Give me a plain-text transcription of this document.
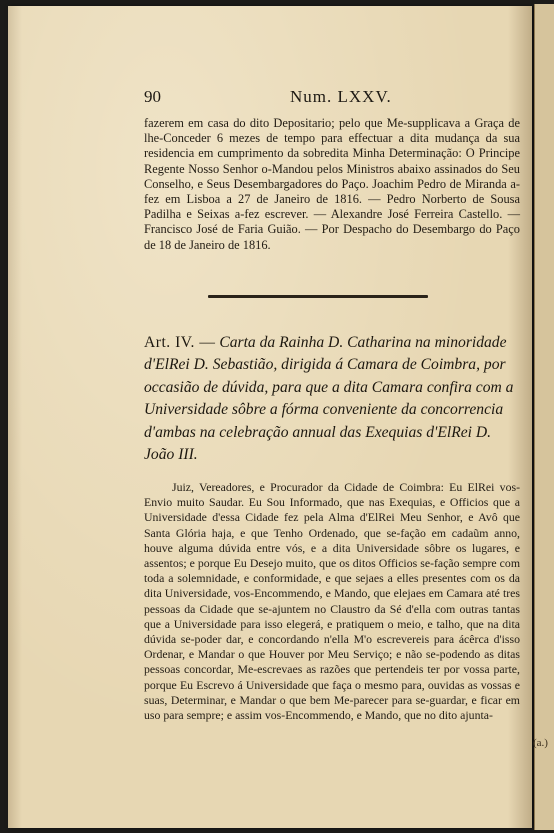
90	Num. LXXV.

fazerem em casa do dito Depositario; pelo que Me-supplicava a Graça de lhe-Conceder 6 mezes de tempo para effectuar a dita mudança da sua residencia em cumprimento da sobredita Minha Determinação: O Principe Regente Nosso Senhor o-Mandou pelos Ministros abaixo assinados do Seu Conselho, e Seus Desembargadores do Paço. Joachim Pedro de Miranda a-fez em Lisboa a 27 de Janeiro de 1816. — Pedro Norberto de Sousa Padilha e Seixas a-fez escrever. — Alexandre José Ferreira Castello. — Francisco José de Faria Guião. — Por Despacho do Desembargo do Paço de 18 de Janeiro de 1816.

Art. IV. — Carta da Rainha D. Catharina na minoridade d'ElRei D. Sebastião, dirigida á Camara de Coimbra, por occasião de dúvida, para que a dita Camara confira com a Universidade sôbre a fórma conveniente da concorrencia d'ambas na celebração annual das Exequias d'ElRei D. João III.

Juiz, Vereadores, e Procurador da Cidade de Coimbra: Eu ElRei vos-Envio muito Saudar. Eu Sou Informado, que nas Exequias, e Officios que a Universidade d'essa Cidade fez pela Alma d'ElRei Meu Senhor, e Avô que Santa Glória haja, e que Tenho Ordenado, que se-fação em cadaũm anno, houve alguma dúvida entre vós, e a dita Universidade sôbre os lugares, e assentos; e porque Eu Desejo muito, que os ditos Officios se-fação sempre com toda a solemnidade, e conformidade, e que sejaes a elles presentes com os da dita Universidade, vos-Encommendo, e Mando, que elejaes em Camara até tres pessoas da Cidade que se-ajuntem no Claustro da Sé d'ella com outras tantas que a Universidade para isso elegerá, e pratiquem o meio, e talho, que na dita dúvida se-poder dar, e concordando n'ella M'o escrevereis para ácêrca d'isso Ordenar, e Mandar o que Houver por Meu Serviço; e não se-podendo as ditas pessoas concordar, Me-escrevaes as razões que pertendeis ter por vossa parte, porque Eu Escrevo á Universidade que faça o mesmo para, ouvidas as vossas e suas, Determinar, e Mandar o que bem Me-parecer para se-guardar, e ficar em uso para sempre; e assim vos-Encommendo, e Mando, que no dito ajunta-

(a.)
